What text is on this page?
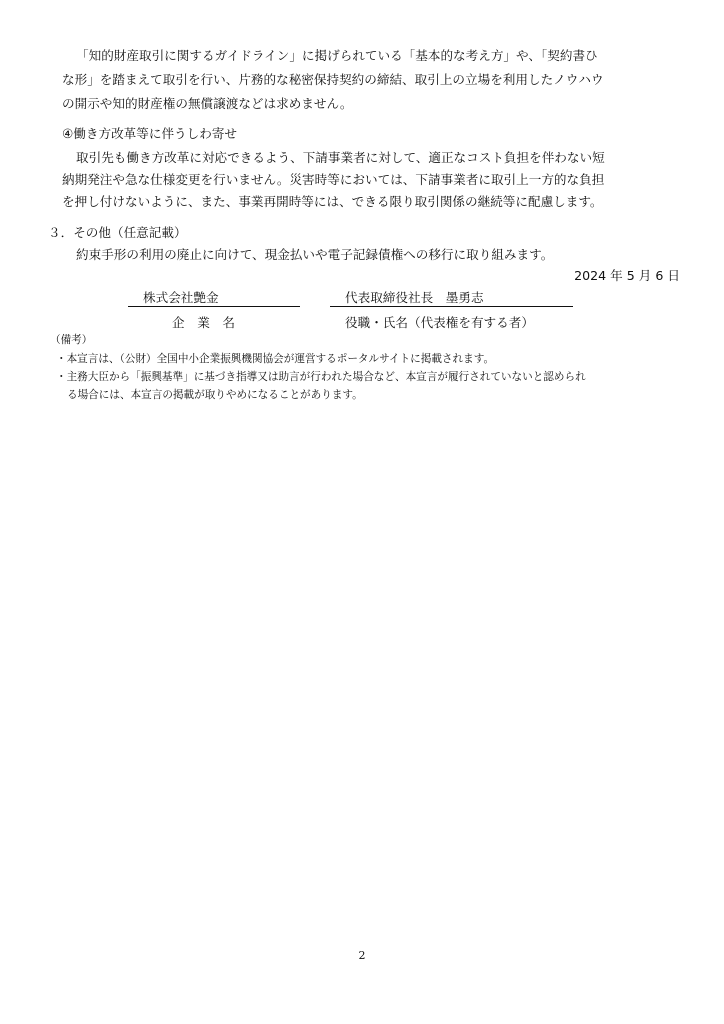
「知的財産取引に関するガイドライン」に掲げられている「基本的な考え方」や、「契約書ひ
な形」を踏まえて取引を行い、片務的な秘密保持契約の締結、取引上の立場を利用したノウハウ
の開示や知的財産権の無償譲渡などは求めません。
④働き方改革等に伴うしわ寄せ
取引先も働き方改革に対応できるよう、下請事業者に対して、適正なコスト負担を伴わない短
納期発注や急な仕様変更を行いません。災害時等においては、下請事業者に取引上一方的な負担
を押し付けないように、また、事業再開時等には、できる限り取引関係の継続等に配慮します。
３．その他（任意記載）
約束手形の利用の廃止に向けて、現金払いや電子記録債権への移行に取り組みます。
2024 年 5 月 6 日
株式会社艶金
企　業　名
代表取締役社長　墨勇志
役職・氏名（代表権を有する者）
（備考）
・本宣言は、（公財）全国中小企業振興機関協会が運営するポータルサイトに掲載されます。
・主務大臣から「振興基準」に基づき指導又は助言が行われた場合など、本宣言が履行されていないと認められ
る場合には、本宣言の掲載が取りやめになることがあります。
2
